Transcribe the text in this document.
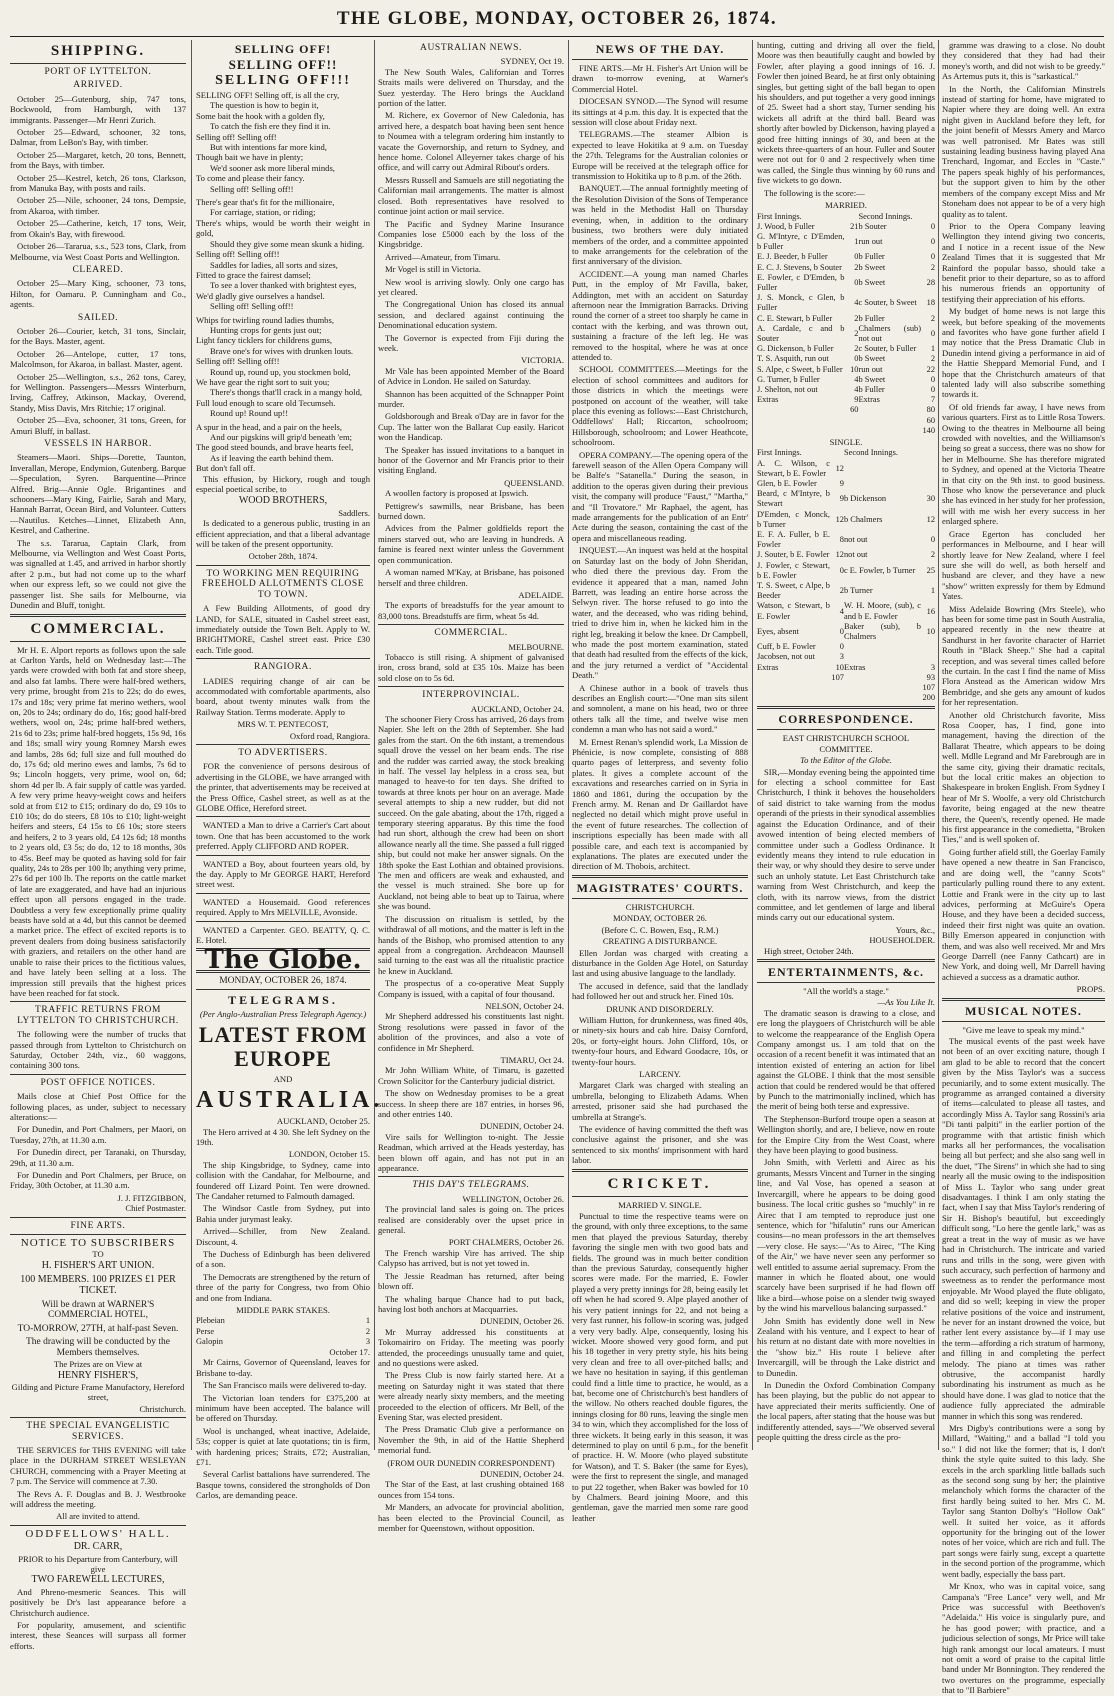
THE GLOBE, MONDAY, OCTOBER 26, 1874.
SHIPPING.
PORT OF LYTTELTON.
ARRIVED.

October 25—Gutenburg, ship, 747 tons, Bockwoold, from Hamburgh, with 137 immigrants. Passenger—Mr Henri Zurich.

October 25—Edward, schooner, 32 tons, Dalmar, from LeBon's Bay, with timber.

October 25—Margaret, ketch, 20 tons, Bennett, from the Bays, with timber.

October 25—Kestrel, ketch, 26 tons, Clarkson, from Manuka Bay, with posts and rails.

October 25—Nile, schooner, 24 tons, Dempsie, from Akaroa, with timber.

October 25—Catherine, ketch, 17 tons, Weir, from Okain's Bay, with firewood.

October 26—Tararua, s.s., 523 tons, Clark, from Melbourne, via West Coast Ports and Wellington.

CLEARED.

October 25—Mary King, schooner, 73 tons, Hilton, for Oamaru. P. Cunningham and Co., agents.

SAILED.

October 26—Courier, ketch, 31 tons, Sinclair, for the Bays. Master, agent.

October 26—Antelope, cutter, 17 tons, Malcolmson, for Akaroa, in ballast. Master, agent.

October 25—Wellington, s.s., 262 tons, Carey, for Wellington. Passengers—Messrs Winterburn, Irving, Caffrey, Atkinson, Mackay, Overend, Standy, Miss Davis, Mrs Ritchie; 17 original.

October 25—Eva, schooner, 31 tons, Green, for Amuri Bluff, in ballast.

VESSELS IN HARBOR.

Steamers—Maori. Ships—Dorette, Taunton, Inverallan, Merope, Endymion, Gutenberg. Barque—Speculation, Syren. Barquentine—Prince Alfred. Brig—Annie Ogle. Brigantines and schooners—Mary King, Fairlie, Sarah and Mary, Hannah Barrat, Ocean Bird, and Volunteer. Cutters—Nautilus. Ketches—Linnet, Elizabeth Ann, Kestrel, and Catherine.

The s.s. Tararua, Captain Clark, from Melbourne, via Wellington and West Coast Ports, was signalled at 1.45, and arrived in harbor shortly after 2 p.m., but had not come up to the wharf when our express left, so we could not give the passenger list. She sails for Melbourne, via Dunedin and Bluff, tonight.

COMMERCIAL.

Mr H. E. Alport reports as follows upon the sale at Carlton Yards, held on Wednesday last:—The yards were crowded with both fat and store sheep, and also fat lambs. There were half-bred wethers, very prime, brought from 21s to 22s; do do ewes, 17s and 18s; very prime fat merino wethers, wool on, 20s to 24s; ordinary do do, 16s; good half-bred wethers, wool on, 24s; prime half-bred wethers, 21s 6d to 23s; prime half-bred hoggets, 15s 9d, 16s and 18s; small wiry young Romney Marsh ewes and lambs, 28s 6d; full size and full mouthed do do, 17s 6d; old merino ewes and lambs, 7s 6d to 9s; Lincoln hoggets, very prime, wool on, 6d; shorn 4d per lb. A fair supply of cattle was yarded. A few very prime heavy-weight cows and heifers sold at from £12 to £15; ordinary do do, £9 10s to £10 10s; do do steers, £8 10s to £10; light-weight heifers and steers, £4 15s to £6 10s; store steers and heifers, 2 to 3 years old, £4 12s 6d; 18 months to 2 years old, £3 5s; do do, 12 to 18 months, 30s to 45s. Beef may be quoted as having sold for fair quality, 24s to 28s per 100 lb; anything very prime, 27s 6d per 100 lb. The reports on the cattle market of late are exaggerated, and have had an injurious effect upon all persons engaged in the trade. Doubtless a very few exceptionally prime quality beasts have sold at a 4d, but this cannot be deemed a market price. The effect of excited reports is to prevent dealers from doing business satisfactorily with graziers, and retailers on the other hand are unable to raise their prices to the fictitious values, and have lately been selling at a loss. The impression still prevails that the highest prices have been reached for fat stock.

TRAFFIC RETURNS FROM LYTTELTON TO CHRISTCHURCH.

The following were the number of trucks that passed through from Lyttelton to Christchurch on Saturday, October 24th, viz., 60 waggons, containing 300 tons.

POST OFFICE NOTICES.

Mails close at Chief Post Office for the following places, as under, subject to necessary alterations:—

For Dunedin, and Port Chalmers, per Maori, on Tuesday, 27th, at 11.30 a.m.

For Dunedin direct, per Taranaki, on Thursday, 29th, at 11.30 a.m.

For Dunedin and Port Chalmers, per Bruce, on Friday, 30th October, at 11.30 a.m.

J. J. FITZGIBBON,
Chief Postmaster.
FINE ARTS.
NOTICE TO SUBSCRIBERS
TO
H. FISHER'S ART UNION.
100 MEMBERS. 100 PRIZES £1 PER TICKET.
Will be drawn at WARNER'S COMMERCIAL HOTEL,
TO-MORROW, 27TH, at half-past Seven.
The drawing will be conducted by the Members themselves.
The Prizes are on View at
HENRY FISHER'S,
Gilding and Picture Frame Manufactory, Hereford street,
Christchurch.
THE SPECIAL EVANGELISTIC SERVICES.

THE SERVICES for THIS EVENING will take place in the DURHAM STREET WESLEYAN CHURCH, commencing with a Prayer Meeting at 7 p.m. The Service will commence at 7.30.

The Revs A. F. Douglas and B. J. Westbrooke will address the meeting.

All are invited to attend.
ODDFELLOWS' HALL.
DR. CARR,
PRIOR to his Departure from Canterbury, will give
TWO FAREWELL LECTURES,

And Phreno-mesmeric Seances. This will positively be Dr's last appearance before a Christchurch audience.

For popularity, amusement, and scientific interest, these Seances will surpass all former efforts.

SELLING OFF!
SELLING OFF!!
SELLING OFF!!!
SELLING OFF! Selling off, is all the cry,
The question is how to begin it,
Some bait the hook with a golden fly,
To catch the fish ere they find it in.
Selling off! Selling off!
But with intentions far more kind,
Though bait we have in plenty;
We'd sooner ask more liberal minds,
To come and please their fancy.
Selling off! Selling off!!
There's gear that's fit for the millionaire,
For carriage, station, or riding;
There's whips, would be worth their weight in gold,
Should they give some mean skunk a hiding.
Selling off! Selling off!!
Saddles for ladies, all sorts and sizes,
Fitted to grace the fairest damsel;
To see a lover thanked with brightest eyes,
We'd gladly give ourselves a handsel.
Selling off! Selling off!!
Whips for twirling round ladies thumbs,
Hunting crops for gents just out;
Light fancy ticklers for childrens gums,
Brave one's for wives with drunken louts.
Selling off! Selling off!!
Round up, round up, you stockmen bold,
We have gear the right sort to suit you;
There's thongs that'll crack in a mangy hold,
Full loud enough to scare old Tecumseh.
Round up! Round up!!
A spur in the head, and a pair on the heels,
And our pigskins will grip'd beneath 'em;
The good steed bounds, and brave hearts feel,
As if leaving the earth behind them.
But don't fall off.

This effusion, by Hickory, rough and tough especial poetical scribe, to

WOOD BROTHERS,
Saddlers.

Is dedicated to a generous public, trusting in an efficient appreciation, and that a liberal advantage will be taken of the present opportunity.

October 28th, 1874.
TO WORKING MEN REQUIRING FREEHOLD ALLOTMENTS CLOSE TO TOWN.

A Few Building Allotments, of good dry LAND, for SALE, situated in Cashel street east, immediately outside the Town Belt. Apply to W. BRIGHTMORE, Cashel street east. Price £30 each. Title good.

RANGIORA.

LADIES requiring change of air can be accommodated with comfortable apartments, also board, about twenty minutes walk from the Railway Station. Terms moderate. Apply to

MRS W. T. PENTECOST,
Oxford road, Rangiora.
TO ADVERTISERS.

FOR the convenience of persons desirous of advertising in the GLOBE, we have arranged with the printer, that advertisements may be received at the Press Office, Cashel street, as well as at the GLOBE Office, Hereford street.

WANTED a Man to drive a Carrier's Cart about town. One that has been accustomed to the work preferred. Apply CLIFFORD AND ROPER.

WANTED a Boy, about fourteen years old, by the day. Apply to Mr GEORGE HART, Hereford street west.

WANTED a Housemaid. Good references required. Apply to Mrs MELVILLE, Avonside.

WANTED a Carpenter. GEO. BEATTY, Q. C. E. Hotel.

The Globe.
MONDAY, OCTOBER 26, 1874.
TELEGRAMS.
(Per Anglo-Australian Press Telegraph Agency.)
LATEST FROM EUROPE
AND
AUSTRALIA.
AUCKLAND, October 25.

The Hero arrived at 4 30. She left Sydney on the 19th.

LONDON, October 15.

The ship Kingsbridge, to Sydney, came into collision with the Candahar, for Melbourne, and foundered off Lizard Point. Ten were drowned. The Candaher returned to Falmouth damaged.

The Windsor Castle from Sydney, put into Bahia under jurymast leaky.

Arrived—Schiller, from New Zealand. Discount, 4.

The Duchess of Edinburgh has been delivered of a son.

The Democrats are strengthened by the return of three of the party for Congress, two from Ohio and one from Indiana.

MIDDLE PARK STAKES.
Plebeian	1
Perse	2
Galopin	3
October 17.

Mr Cairns, Governor of Queensland, leaves for Brisbane to-day.

The San Francisco mails were delivered to-day.

The Victorian loan tenders for £375,200 at minimum have been accepted. The balance will be offered on Thursday.

Wool is unchanged, wheat inactive, Adelaide, 53s; copper is quiet at late quotations; tin is firm, with hardening prices; Straits, £72; Australian, £71.

Several Carlist battalions have surrendered. The Basque towns, considered the strongholds of Don Carlos, are demanding peace.

AUSTRALIAN NEWS.
SYDNEY, Oct 19.

The New South Wales, Californian and Torres Straits mails were delivered on Thursday, and the Suez yesterday. The Hero brings the Auckland portion of the latter.

M. Richere, ex Governor of New Caledonia, has arrived here, a despatch boat having been sent hence to Noumea with a telegram ordering him instantly to vacate the Governorship, and return to Sydney, and hence home. Colonel Alleyerner takes charge of his office, and will carry out Admiral Ribout's orders.

Messrs Russell and Samuels are still negotiating the Californian mail arrangements. The matter is almost closed. Both representatives have resolved to continue joint action or mail service.

The Pacific and Sydney Marine Insurance Companies lose £5000 each by the loss of the Kingsbridge.

Arrived—Amateur, from Timaru.

Mr Vogel is still in Victoria.

New wool is arriving slowly. Only one cargo has yet cleared.

The Congregational Union has closed its annual session, and declared against continuing the Denominational education system.

The Governor is expected from Fiji during the week.

VICTORIA.

Mr Vale has been appointed Member of the Board of Advice in London. He sailed on Saturday.

Shannon has been acquitted of the Schnapper Point murder.

Goldsborough and Break o'Day are in favor for the Cup. The latter won the Ballarat Cup easily. Haricot won the Handicap.

The Speaker has issued invitations to a banquet in honor of the Governor and Mr Francis prior to their visiting England.

QUEENSLAND.

A woollen factory is proposed at Ipswich.

Pettigrew's sawmills, near Brisbane, has been burned down.

Advices from the Palmer goldfields report the miners starved out, who are leaving in hundreds. A famine is feared next winter unless the Government open communication.

A woman named M'Kay, at Brisbane, has poisoned herself and three children.

ADELAIDE.

The exports of breadstuffs for the year amount to 83,000 tons. Breadstuffs are firm, wheat 5s 4d.

COMMERCIAL.
MELBOURNE.

Tobacco is still rising. A shipment of galvanised iron, cross brand, sold at £35 10s. Maize has been sold close on to 5s 6d.

INTERPROVINCIAL.
AUCKLAND, October 24.

The schooner Fiery Cross has arrived, 26 days from Napier. She left on the 28th of September. She had gales from the start. On the 6th instant, a tremendous squall drove the vessel on her beam ends. The rise and the rudder was carried away, the stock breaking in half. The vessel lay helpless in a cross sea, but managed to heave-to for ten days. She drifted to towards at three knots per hour on an average. Made several attempts to ship a new rudder, but did not succeed. On the gale abating, about the 17th, rigged a temporary steering apparatus. By this time the food had run short, although the crew had been on short allowance nearly all the time. She passed a full rigged ship, but could not make her answer signals. On the 18th spoke the East Lothian and obtained provisions. The men and officers are weak and exhausted, and the vessel is much strained. She bore up for Auckland, not being able to beat up to Tairua, where she was bound.

The discussion on ritualism is settled, by the withdrawal of all motions, and the matter is left in the hands of the Bishop, who promised attention to any appeal from a congregation. Archdeacon Maunsell said turning to the east was all the ritualistic practice he knew in Auckland.

The prospectus of a co-operative Meat Supply Company is issued, with a capital of four thousand.

NELSON, October 24.

Mr Shepherd addressed his constituents last night. Strong resolutions were passed in favor of the abolition of the provinces, and also a vote of confidence in Mr Shepherd.

TIMARU, Oct 24.

Mr John William White, of Timaru, is gazetted Crown Solicitor for the Canterbury judicial district.

The show on Wednesday promises to be a great success. In sheep there are 187 entries, in horses 96, and other entries 140.

DUNEDIN, October 24.

Vire sails for Wellington to-night. The Jessie Readman, which arrived at the Heads yesterday, has been blown off again, and has not put in an appearance.

THIS DAY'S TELEGRAMS.
WELLINGTON, October 26.

The provincial land sales is going on. The prices realised are considerably over the upset price in general.

PORT CHALMERS, October 26.

The French warship Vire has arrived. The ship Calypso has arrived, but is not yet towed in.

The Jessie Readman has returned, after being blown off.

The whaling barque Chance had to put back, having lost both anchors at Macquarries.

DUNEDIN, October 26.

Mr Murray addressed his constituents at Tokomairiro on Friday. The meeting was poorly attended, the proceedings unusually tame and quiet, and no questions were asked.

The Press Club is now fairly started here. At a meeting on Saturday night it was stated that there were already nearly sixty members, and the meeting proceeded to the election of officers. Mr Bell, of the Evening Star, was elected president.

The Press Dramatic Club give a performance on November the 9th, in aid of the Hattie Shepherd memorial fund.

(FROM OUR DUNEDIN CORRESPONDENT)
DUNEDIN, October 24.

The Star of the East, at last crushing obtained 168 ounces from 154 tons.

Mr Manders, an advocate for provincial abolition, has been elected to the Provincial Council, as member for Queenstown, without opposition.

NEWS OF THE DAY.

FINE ARTS.—Mr H. Fisher's Art Union will be drawn to-morrow evening, at Warner's Commercial Hotel.

DIOCESAN SYNOD.—The Synod will resume its sittings at 4 p.m. this day. It is expected that the session will close about Friday next.

TELEGRAMS.—The steamer Albion is expected to leave Hokitika at 9 a.m. on Tuesday the 27th. Telegrams for the Australian colonies or Europe will be received at the telegraph office for transmission to Hokitika up to 8 p.m. of the 26th.

BANQUET.—The annual fortnightly meeting of the Resolution Division of the Sons of Temperance was held in the Methodist Hall on Thursday evening, when, in addition to the ordinary business, two brothers were duly initiated members of the order, and a committee appointed to make arrangements for the celebration of the first anniversary of the division.

ACCIDENT.—A young man named Charles Putt, in the employ of Mr Favilla, baker, Addington, met with an accident on Saturday afternoon near the Immigration Barracks. Driving round the corner of a street too sharply he came in contact with the kerbing, and was thrown out, sustaining a fracture of the left leg. He was removed to the hospital, where he was at once attended to.

SCHOOL COMMITTEES.—Meetings for the election of school committees and auditors for those districts in which the meetings were postponed on account of the weather, will take place this evening as follows:—East Christchurch, Oddfellows' Hall; Riccarton, schoolroom; Hillsborough, schoolroom; and Lower Heathcote, schoolroom.

OPERA COMPANY.—The opening opera of the farewell season of the Allen Opera Company will be Balfe's "Satanella." During the season, in addition to the operas given during their previous visit, the company will produce "Faust," "Martha," and "Il Trovatore." Mr Raphael, the agent, has made arrangements for the publication of an Entr' Acte during the season, containing the cast of the opera and miscellaneous reading.

INQUEST.—An inquest was held at the hospital on Saturday last on the body of John Sheridan, who died there the previous day. From the evidence it appeared that a man, named John Barrett, was leading an entire horse across the Selwyn river. The horse refused to go into the water, and the deceased, who was riding behind, tried to drive him in, when he kicked him in the right leg, breaking it below the knee. Dr Campbell, who made the post mortem examination, stated that death had resulted from the effects of the kick, and the jury returned a verdict of "Accidental Death."

A Chinese author in a book of travels thus describes an English court:—"One man sits silent and somnolent, a mane on his head, two or three others talk all the time, and twelve wise men condemn a man who has not said a word."

M. Ernest Renan's splendid work, La Mission de Phénicie, is now complete, consisting of 888 quarto pages of letterpress, and seventy folio plates. It gives a complete account of the excavations and researches carried on in Syria in 1860 and 1861, during the occupation by the French army. M. Renan and Dr Gaillardot have neglected no detail which might prove useful in the event of future researches. The collection of inscriptions especially has been made with all possible care, and each text is accompanied by explanations. The plates are executed under the direction of M. Thobois, architect.

MAGISTRATES' COURTS.
CHRISTCHURCH.
MONDAY, OCTOBER 26.
(Before C. C. Bowen, Esq., R.M.)
CREATING A DISTURBANCE.

Ellen Jordan was charged with creating a disturbance in the Golden Age Hotel, on Saturday last and using abusive language to the landlady.

The accused in defence, said that the landlady had followed her out and struck her. Fined 10s.

DRUNK AND DISORDERLY.

William Hutton, for drunkenness, was fined 40s, or ninety-six hours and cab hire. Daisy Cornford, 20s, or forty-eight hours. John Clifford, 10s, or twenty-four hours, and Edward Goodacre, 10s, or twenty-four hours.

LARCENY.

Margaret Clark was charged with stealing an umbrella, belonging to Elizabeth Adams. When arrested, prisoner said she had purchased the umbrella at Strange's.

The evidence of having committed the theft was conclusive against the prisoner, and she was sentenced to six months' imprisonment with hard labor.

CRICKET.
MARRIED V. SINGLE.

Punctual to time the respective teams were on the ground, with only three exceptions, to the same men that played the previous Saturday, thereby favoring the single men with two good bats and fields. The ground was in much better condition than the previous Saturday, consequently higher scores were made. For the married, E. Fowler played a very pretty innings for 28, being easily let off when he had scored 9. Alpe played another of his very patient innings for 22, and not being a very fast runner, his follow-in scoring was, judged a very very badly. Alpe, consequently, losing his wicket. Moore showed very good form, and put his 18 together in very pretty style, his hits being very clean and free to all over-pitched balls; and we have no hesitation in saying, if this gentleman could find a little time to practice, he would, as a bat, become one of Christchurch's best handlers of the willow. No others reached double figures, the innings closing for 80 runs, leaving the single men 34 to win, which they accomplished for the loss of three wickets. It being early in this season, it was determined to play on until 6 p.m., for the benefit of practice. H. W. Moore (who played substitute for Watson), and T. S. Baker (the same for Eyes), were the first to represent the single, and managed to put 22 together, when Baker was bowled for 10 by Chalmers. Beard joining Moore, and this gentleman, gave the married men some rare good leather

hunting, cutting and driving all over the field, Moore was then beautifully caught and bowled by Fowler, after playing a good innings of 16. J. Fowler then joined Beard, he at first only obtaining singles, but getting sight of the ball began to open his shoulders, and put together a very good innings of 25. Sweet had a short stay, Turner sending his wickets all adrift at the third ball. Beard was shortly after bowled by Dickenson, having played a good free hitting innings of 30, and been at the wickets three-quarters of an hour. Fuller and Souter were not out for 0 and 2 respectively when time was called, the Single thus winning by 60 runs and five wickets to go down.

The following is the score:—

MARRIED.
First Innings.		Second Innings.	
J. Wood, b Fuller	21	b Souter	0
G. M'Intyre, c D'Emden, b Fuller	1	run out	0
E. J. Beeder, b Fuller	0	b Fuller	0
E. C. J. Stevens, b Souter	2	b Sweet	2
E. Fowler, c D'Emden, b Fuller	0	b Sweet	28
J. S. Monck, c Glen, b Fuller	4	c Souter, b Sweet	18
C. E. Stewart, b Fuller	2	b Fuller	2
A. Cardale, c and b Souter	2	Chalmers (sub) not out	0
G. Dickenson, b Fuller	2	c Souter, b Fuller	1
T. S. Asquith, run out	0	b Sweet	2
S. Alpe, c Sweet, b Fuller	10	run out	22
G. Turner, b Fuller	4	b Sweet	0
J. Shelton, not out	4	b Fuller	0
Extras	9	Extras	7
	60		80
			60
			140
SINGLE.
First Innings.		Second Innings.	
A. C. Wilson, c Stewart, b E. Fowler	12		
Glen, b E. Fowler	9		
Beard, c M'Intyre, b Stewart	9	b Dickenson	30
D'Emden, c Monck, b Turner	12	b Chalmers	12
E. F. A. Fuller, b E. Fowler	8	not out	0
J. Souter, b E. Fowler	12	not out	2
J. Fowler, c Stewart, b E. Fowler	0	c E. Fowler, b Turner	25
T. S. Sweet, c Alpe, b Beeder	2	b Turner	1
Watson, c Stewart, b E. Fowler	4	W. H. Moore, (sub), c and b E. Fowler	16
Eyes, absent	0	Baker (sub), b Chalmers	10
Cuff, b E. Fowler	0		
Jacobsen, not out	3		
Extras	10	Extras	3
	107		93
			107
			200
CORRESPONDENCE.
EAST CHRISTCHURCH SCHOOL COMMITTEE.
To the Editor of the Globe.

SIR,—Monday evening being the appointed time for electing a school committee for East Christchurch, I think it behoves the householders of said district to take warning from the modus operandi of the priests in their synodical assemblies against the Education Ordinance, and of their avowed intention of being elected members of committee under such a Godless Ordinance. It evidently means they intend to rule education in their way, or why should they desire to serve under such an unholy statute. Let East Christchurch take warning from West Christchurch, and keep the cloth, with its narrow views, from the district committee, and let gentlemen of large and liberal minds carry out our educational system.

Yours, &c.,
HOUSEHOLDER.

High street, October 24th.

ENTERTAINMENTS, &c.
"All the world's a stage."
—As You Like It.

The dramatic season is drawing to a close, and ere long the playgoers of Christchurch will be able to welcome the reappearance of the English Opera Company amongst us. I am told that on the occasion of a recent benefit it was intimated that an intention existed of entering an action for libel against the GLOBE. I think that the most sensible action that could be rendered would be that offered by Punch to the matrimonially inclined, which has the merit of being both terse and expressive.

The Stephenson-Burford troupe open a season at Wellington shortly, and are, I believe, now en route for the Empire City from the West Coast, where they have been playing to good business.

John Smith, with Verletti and Airec as his grumants, Messrs Vincent and Turner in the singing line, and Val Vose, has opened a season at Invercargill, where he appears to be doing good business. The local critic gushes so "muchly" in re Airec that I am tempted to reproduce just one sentence, which for "hifalutin" runs our American cousins—no mean professors in the art themselves—very close. He says:—"As to Airec, "The King of the Air," we have never seen any performer so well entitled to assume aerial supremacy. From the manner in which he floated about, one would scarcely have been surprised if he had flown off like a bird—whose poise on a slender twig swayed by the wind his marvellous balancing surpassed."

John Smith has evidently done well in New Zealand with his venture, and I expect to hear of his return at no distant date with more novelties in the "show biz." His route I believe after Invercargill, will be through the Lake district and to Dunedin.

In Dunedin the Oxford Combination Company has been playing, but the public do not appear to have appreciated their merits sufficiently. One of the local papers, after stating that the house was but indifferently attended, says—"We observed several people quitting the dress circle as the pro-

gramme was drawing to a close. No doubt they considered that they had had their money's worth, and did not wish to be greedy." As Artemus puts it, this is "sarkastical."

In the North, the Californian Minstrels instead of starting for home, have migrated to Napier where they are doing well. An extra night given in Auckland before they left, for the joint benefit of Messrs Amery and Marco was well patronised. Mr Bates was still sustaining leading business having played Ana Trenchard, Ingomar, and Eccles in "Caste." The papers speak highly of his performances, but the support given to him by the other members of the company except Miss and Mr Stoneham does not appear to be of a very high quality as to talent.

Prior to the Opera Company leaving Wellington they intend giving two concerts, and I notice in a recent issue of the New Zealand Times that it is suggested that Mr Rainford the popular basso, should take a benefit prior to their departure, so as to afford his numerous friends an opportunity of testifying their appreciation of his efforts.

My budget of home news is not large this week, but before speaking of the movements and favorites who have gone further afield I may notice that the Press Dramatic Club in Dunedin intend giving a performance in aid of the Hattie Sheppard Memorial Fund, and I hope that the Christchurch amateurs of that talented lady will also subscribe something towards it.

Of old friends far away, I have news from various quarters. First as to Little Rosa Towers. Owing to the theatres in Melbourne all being crowded with novelties, and the Williamson's being so great a success, there was no show for her in Melbourne. She has therefore migrated to Sydney, and opened at the Victoria Theatre in that city on the 9th inst. to good business. Those who know the perseverance and pluck she has evinced in her study for her profession, will with me wish her every success in her enlarged sphere.

Grace Egerton has concluded her performances in Melbourne, and I hear will shortly leave for New Zealand, where I feel sure she will do well, as both herself and husband are clever, and they have a new "show" written expressly for them by Edmund Yates.

Miss Adelaide Bowring (Mrs Steele), who has been for some time past in South Australia, appeared recently in the new theatre at Sandhurst in her favorite character of Harriet Routh in "Black Sheep." She had a capital reception, and was several times called before the curtain. In the cast I find the name of Miss Flora Anstead as the American widow Mrs Bembridge, and she gets any amount of kudos for her representation.

Another old Christchurch favorite, Miss Rosa Cooper, has, I find, gone into management, having the direction of the Ballarat Theatre, which appears to be doing well. Mdlle Legrand and Mr Farebrough are in the same city, giving their dramatic recitals, but the local critic makes an objection to Shakespeare in broken English. From Sydney I hear of Mr S. Woolfe, a very old Christchurch favorite, being engaged at the new theatre there, the Queen's, recently opened. He made his first appearance in the comedietta, "Broken Ties," and is well spoken of.

Going further afield still, the Goerlay Family have opened a new theatre in San Francisco, and are doing well, the "canny Scots" particularly pulling round there to any extent. Lottie and Frank were in the city up to last advices, performing at McGuire's Opera House, and they have been a decided success, indeed their first night was quite an ovation. Billy Emerson appeared in conjunction with them, and was also well received. Mr and Mrs George Darrell (nee Fanny Cathcart) are in New York, and doing well, Mr Darrell having achieved a success as a dramatic author.

PROPS.
MUSICAL NOTES.
"Give me leave to speak my mind."

The musical events of the past week have not been of an over exciting nature, though I am glad to be able to record that the concert given by the Miss Taylor's was a success pecuniarily, and to some extent musically. The programme as arranged contained a diversity of items—calculated to please all tastes, and accordingly Miss A. Taylor sang Rossini's aria "Di tanti palpiti" in the earlier portion of the programme with that artistic finish which marks all her performances, the vocalisation being all but perfect; and she also sang well in the duet, "The Sirens" in which she had to sing nearly all the music owing to the indisposition of Miss L. Taylor who sang under great disadvantages. I think I am only stating the fact, when I say that Miss Taylor's rendering of Sir H. Bishop's beautiful, but exceedingly difficult song, "Lo here the gentle lark," was as great a treat in the way of music as we have had in Christchurch. The intricate and varied runs and trills in the song, were given with such accuracy, such perfection of harmony and sweetness as to render the performance most enjoyable. Mr Wood played the flute obligato, and did so well; keeping in view the proper relative positions of the voice and instrument, he never for an instant drowned the voice, but rather lent every assistance by—if I may use the term—affording a rich stratum of harmony, and filling in and completing the perfect melody. The piano at times was rather obtrusive, the accompanist hardly subordinating his instrument as much as he should have done. I was glad to notice that the audience fully appreciated the admirable manner in which this song was rendered.

Mrs Digby's contributions were a song by Millard, "Waiting," and a ballad "I told you so." I did not like the former; that is, I don't think the style quite suited to this lady. She excels in the arch sparkling little ballads such as the second song sung by her; the plaintive melancholy which forms the character of the first hardly being suited to her. Mrs C. M. Taylor sang Stanton Dolby's "Hollow Oak" well. It suited her voice, as it affords opportunity for the bringing out of the lower notes of her voice, which are rich and full. The part songs were fairly sung, except a quartette in the second portion of the programme, which went badly, especially the bass part.

Mr Knox, who was in capital voice, sang Campana's "Free Lance" very well, and Mr Price was successful with Beethoven's "Adelaida." His voice is singularly pure, and he has good power; with practice, and a judicious selection of songs, Mr Price will take high rank amongst our local amateurs. I must not omit a word of praise to the capital little band under Mr Bonnington. They rendered the two overtures on the programme, especially that to "Il Barbiere"
